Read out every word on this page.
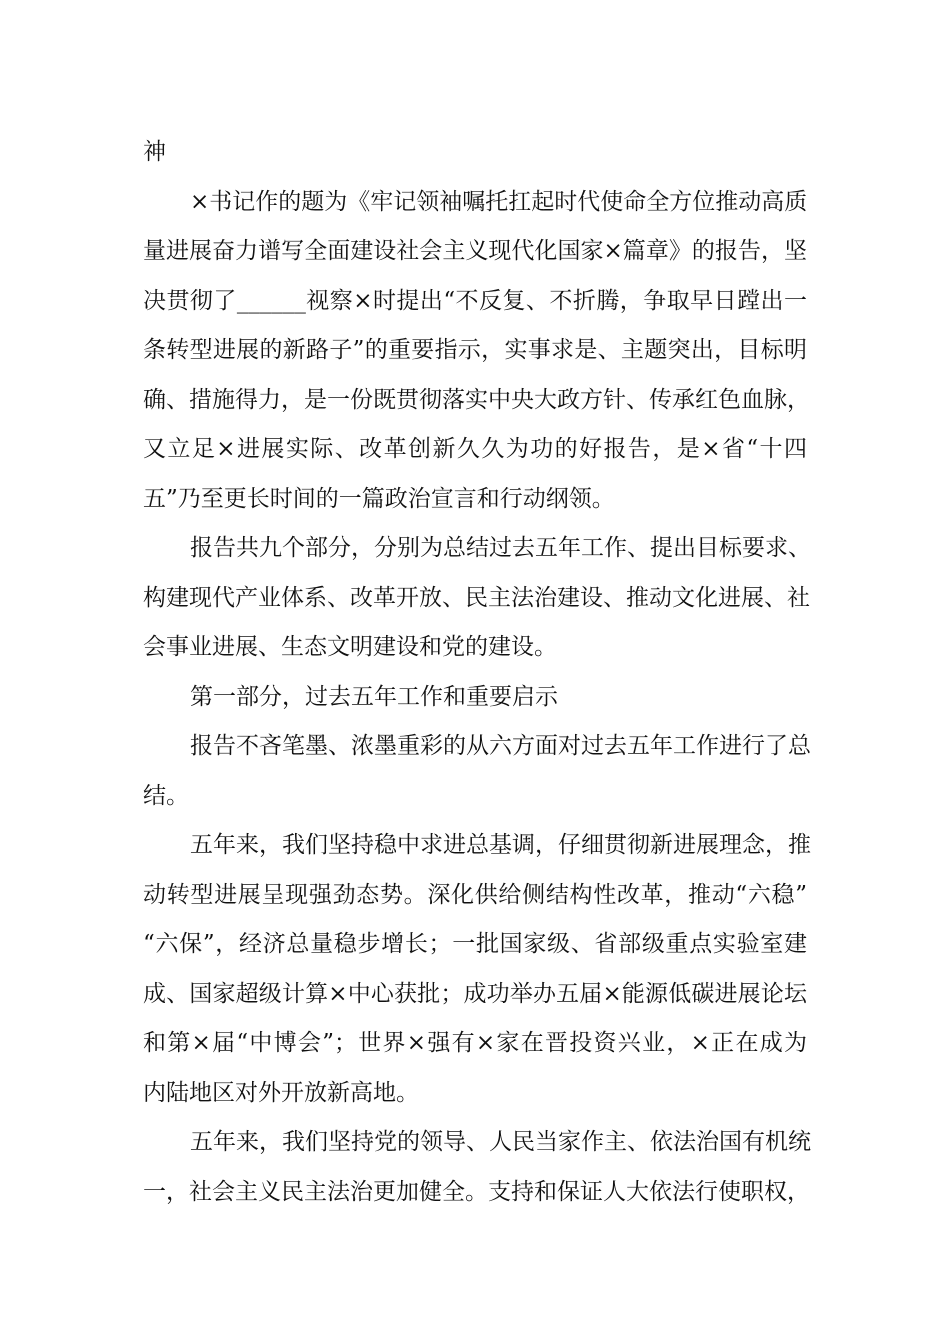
神
×书记作的题为《牢记领袖嘱托扛起时代使命全方位推动高质
量进展奋力谱写全面建设社会主义现代化国家×篇章》的报告，坚
决贯彻了______视察×时提出“不反复、不折腾，争取早日蹚出一
条转型进展的新路子”的重要指示，实事求是、主题突出，目标明
确、措施得力，是一份既贯彻落实中央大政方针、传承红色血脉，
又立足×进展实际、改革创新久久为功的好报告，是×省“十四
五”乃至更长时间的一篇政治宣言和行动纲领。
报告共九个部分，分别为总结过去五年工作、提出目标要求、
构建现代产业体系、改革开放、民主法治建设、推动文化进展、社
会事业进展、生态文明建设和党的建设。
第一部分，过去五年工作和重要启示
报告不吝笔墨、浓墨重彩的从六方面对过去五年工作进行了总
结。
五年来，我们坚持稳中求进总基调，仔细贯彻新进展理念，推
动转型进展呈现强劲态势。深化供给侧结构性改革，推动“六稳”
“六保”，经济总量稳步增长；一批国家级、省部级重点实验室建
成、国家超级计算×中心获批；成功举办五届×能源低碳进展论坛
和第×届“中博会”；世界×强有×家在晋投资兴业，×正在成为
内陆地区对外开放新高地。
五年来，我们坚持党的领导、人民当家作主、依法治国有机统
一，社会主义民主法治更加健全。支持和保证人大依法行使职权，
